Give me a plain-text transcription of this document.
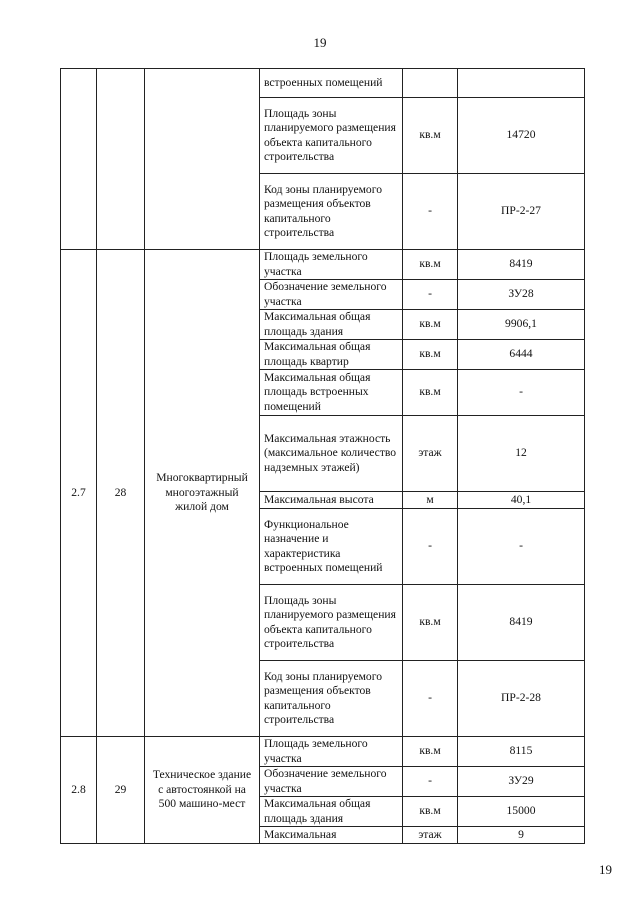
19
			встроенных помещений		
			Площадь зоны планируемого размещения объекта капитального строительства	кв.м	14720
			Код зоны планируемого размещения объектов капитального строительства	-	ПР-2-27
2.7	28	Многоквартирный многоэтажный жилой дом	Площадь земельного участка	кв.м	8419
			Обозначение земельного участка	-	ЗУ28
			Максимальная общая площадь здания	кв.м	9906,1
			Максимальная общая площадь квартир	кв.м	6444
			Максимальная общая площадь встроенных помещений	кв.м	-
			Максимальная этажность (максимальное количество надземных этажей)	этаж	12
			Максимальная высота	м	40,1
			Функциональное назначение и характеристика встроенных помещений	-	-
			Площадь зоны планируемого размещения объекта капитального строительства	кв.м	8419
			Код зоны планируемого размещения объектов капитального строительства	-	ПР-2-28
2.8	29	Техническое здание с автостоянкой на 500 машино-мест	Площадь земельного участка	кв.м	8115
			Обозначение земельного участка	-	ЗУ29
			Максимальная общая площадь здания	кв.м	15000
			Максимальная	этаж	9
19
